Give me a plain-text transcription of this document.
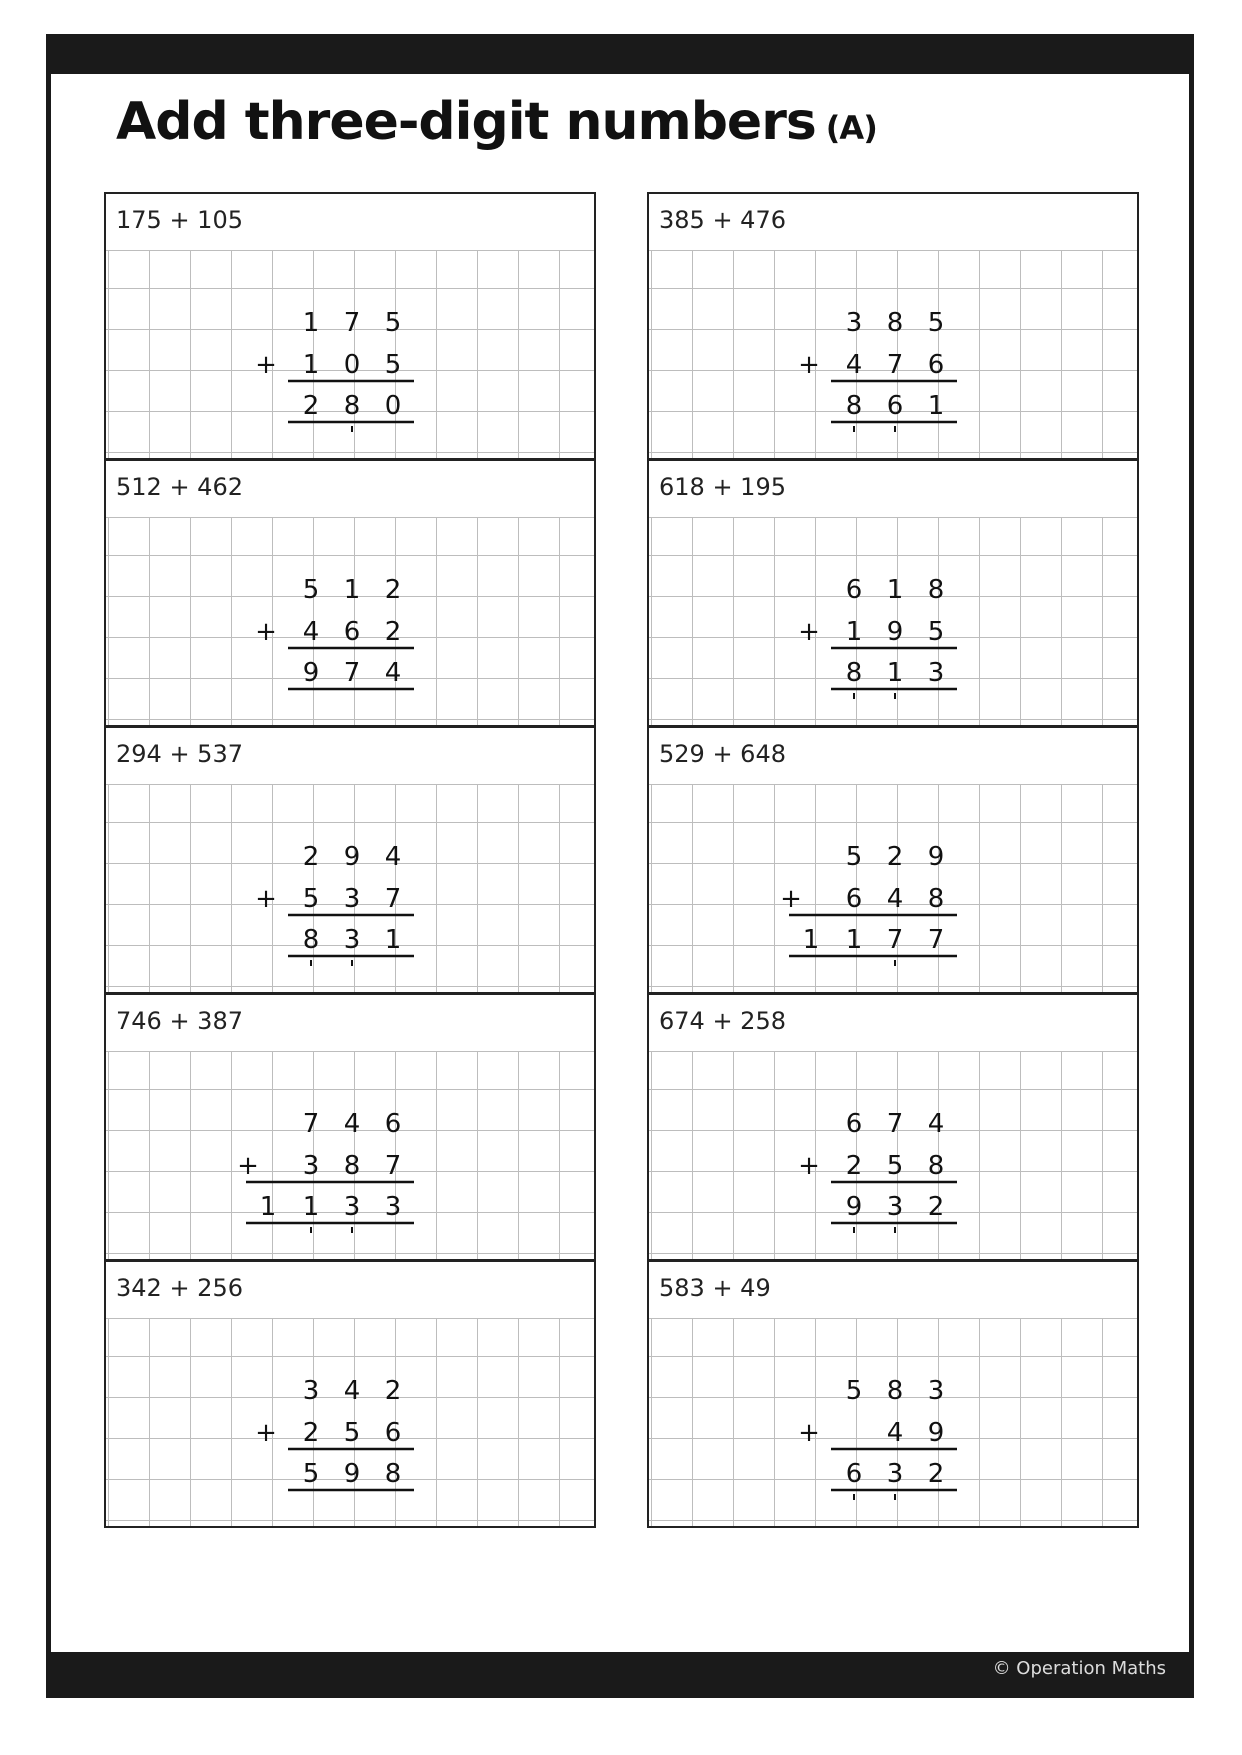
Add three-digit numbers (A)
175 + 105
1 7 5
1 0 5
+
2 8 0
385 + 476
3 8 5
4 7 6
+
8 6 1
512 + 462
5 1 2
4 6 2
+
9 7 4
618 + 195
6 1 8
1 9 5
+
8 1 3
294 + 537
2 9 4
5 3 7
+
8 3 1
529 + 648
5 2 9
6 4 8
+
1 1 7 7
746 + 387
7 4 6
3 8 7
+
1 1 3 3
674 + 258
6 7 4
2 5 8
+
9 3 2
342 + 256
3 4 2
2 5 6
+
5 9 8
583 + 49
5 8 3
4 9
+
6 3 2
© Operation Maths
